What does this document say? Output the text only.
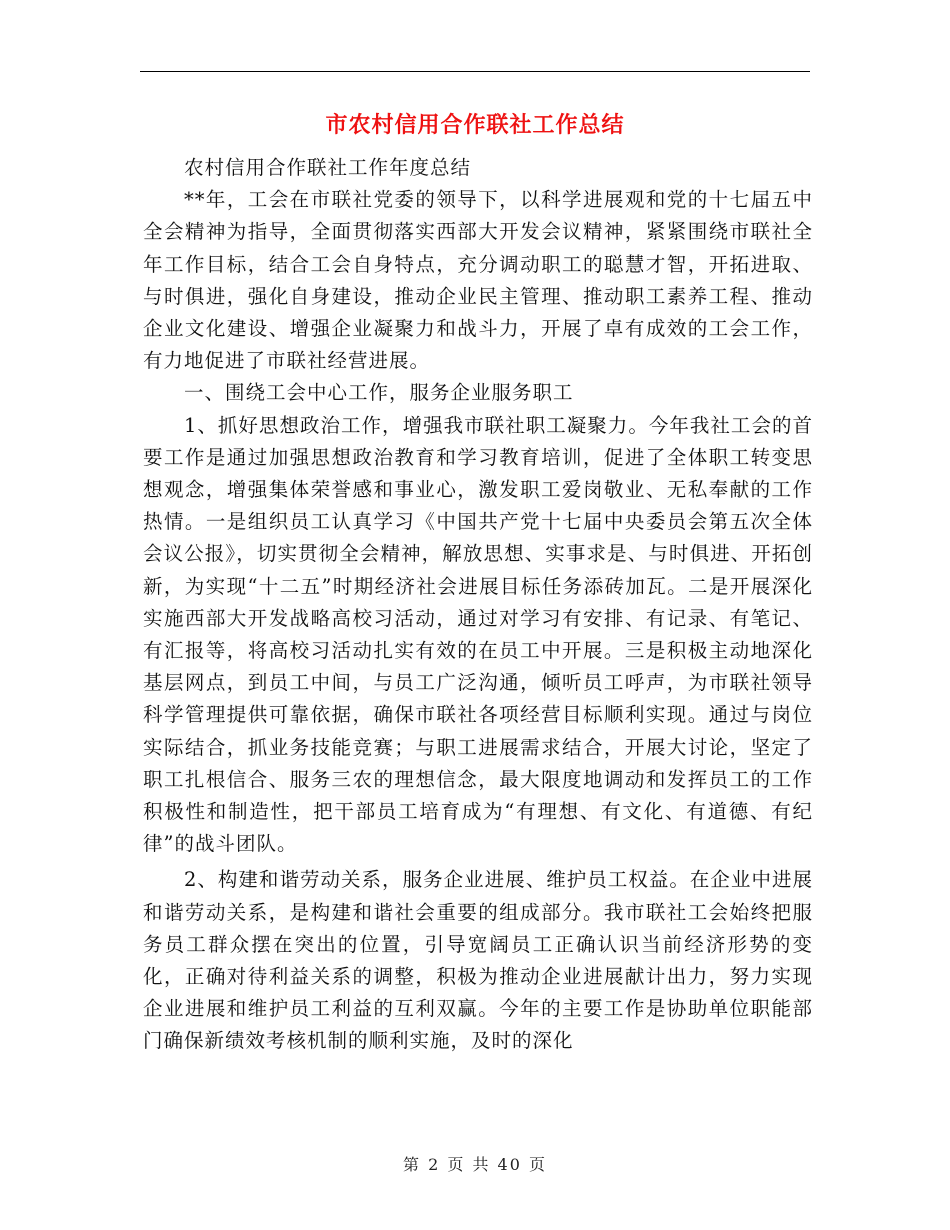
市农村信用合作联社工作总结

农村信用合作联社工作年度总结

**年，工会在市联社党委的领导下，以科学进展观和党的十七届五中全会精神为指导，全面贯彻落实西部大开发会议精神，紧紧围绕市联社全年工作目标，结合工会自身特点，充分调动职工的聪慧才智，开拓进取、与时俱进，强化自身建设，推动企业民主管理、推动职工素养工程、推动企业文化建设、增强企业凝聚力和战斗力，开展了卓有成效的工会工作，有力地促进了市联社经营进展。

一、围绕工会中心工作，服务企业服务职工

1、抓好思想政治工作，增强我市联社职工凝聚力。今年我社工会的首要工作是通过加强思想政治教育和学习教育培训，促进了全体职工转变思想观念，增强集体荣誉感和事业心，激发职工爱岗敬业、无私奉献的工作热情。一是组织员工认真学习《中国共产党十七届中央委员会第五次全体会议公报》，切实贯彻全会精神，解放思想、实事求是、与时俱进、开拓创新，为实现“十二五”时期经济社会进展目标任务添砖加瓦。二是开展深化实施西部大开发战略高校习活动，通过对学习有安排、有记录、有笔记、有汇报等，将高校习活动扎实有效的在员工中开展。三是积极主动地深化基层网点，到员工中间，与员工广泛沟通，倾听员工呼声，为市联社领导科学管理提供可靠依据，确保市联社各项经营目标顺利实现。通过与岗位实际结合，抓业务技能竞赛；与职工进展需求结合，开展大讨论，坚定了职工扎根信合、服务三农的理想信念，最大限度地调动和发挥员工的工作积极性和制造性，把干部员工培育成为“有理想、有文化、有道德、有纪律”的战斗团队。

2、构建和谐劳动关系，服务企业进展、维护员工权益。在企业中进展和谐劳动关系，是构建和谐社会重要的组成部分。我市联社工会始终把服务员工群众摆在突出的位置，引导宽阔员工正确认识当前经济形势的变化，正确对待利益关系的调整，积极为推动企业进展献计出力，努力实现企业进展和维护员工利益的互利双赢。今年的主要工作是协助单位职能部门确保新绩效考核机制的顺利实施，及时的深化

第 2 页 共 40 页
